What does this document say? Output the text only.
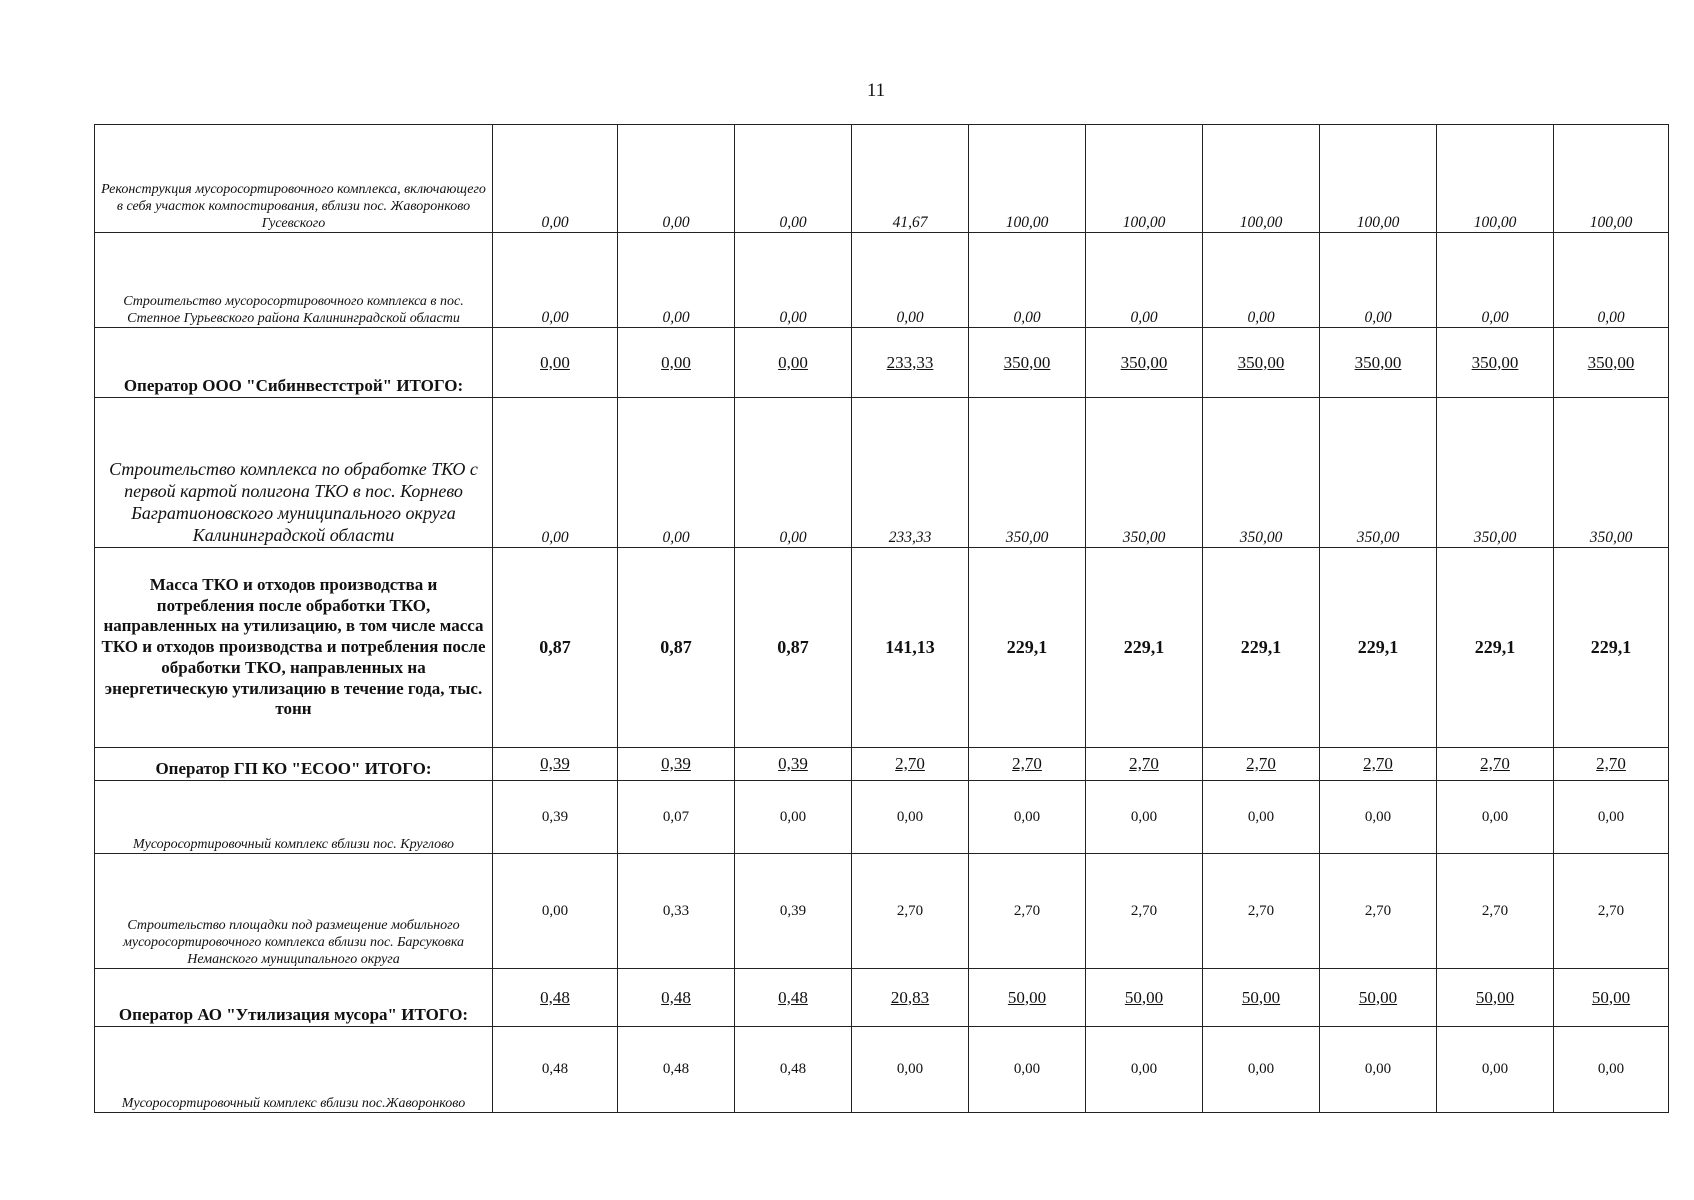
11
Реконструкция мусоросортировочного комплекса, включающего в себя участок компостирования, вблизи пос. Жаворонково Гусевского	0,00	0,00	0,00	41,67	100,00	100,00	100,00	100,00	100,00	100,00
Строительство мусоросортировочного комплекса в пос. Степное Гурьевского района Калининградской области	0,00	0,00	0,00	0,00	0,00	0,00	0,00	0,00	0,00	0,00
Оператор ООО "Сибинвестстрой" ИТОГО:	0,00	0,00	0,00	233,33	350,00	350,00	350,00	350,00	350,00	350,00
Строительство комплекса по обработке ТКО с первой картой полигона ТКО в пос. Корнево Багратионовского муниципального округа Калининградской области	0,00	0,00	0,00	233,33	350,00	350,00	350,00	350,00	350,00	350,00
Масса ТКО и отходов производства и потребления после обработки ТКО, направленных на утилизацию, в том числе масса ТКО и отходов производства и потребления после обработки ТКО, направленных на энергетическую утилизацию в течение года, тыс. тонн	0,87	0,87	0,87	141,13	229,1	229,1	229,1	229,1	229,1	229,1
Оператор ГП КО "ЕСОО" ИТОГО:	0,39	0,39	0,39	2,70	2,70	2,70	2,70	2,70	2,70	2,70
Мусоросортировочный комплекс вблизи пос. Круглово	0,39	0,07	0,00	0,00	0,00	0,00	0,00	0,00	0,00	0,00
Строительство площадки под размещение мобильного мусоросортировочного комплекса вблизи пос. Барсуковка Неманского муниципального округа	0,00	0,33	0,39	2,70	2,70	2,70	2,70	2,70	2,70	2,70
Оператор АО "Утилизация мусора" ИТОГО:	0,48	0,48	0,48	20,83	50,00	50,00	50,00	50,00	50,00	50,00
Мусоросортировочный комплекс вблизи пос.Жаворонково	0,48	0,48	0,48	0,00	0,00	0,00	0,00	0,00	0,00	0,00
